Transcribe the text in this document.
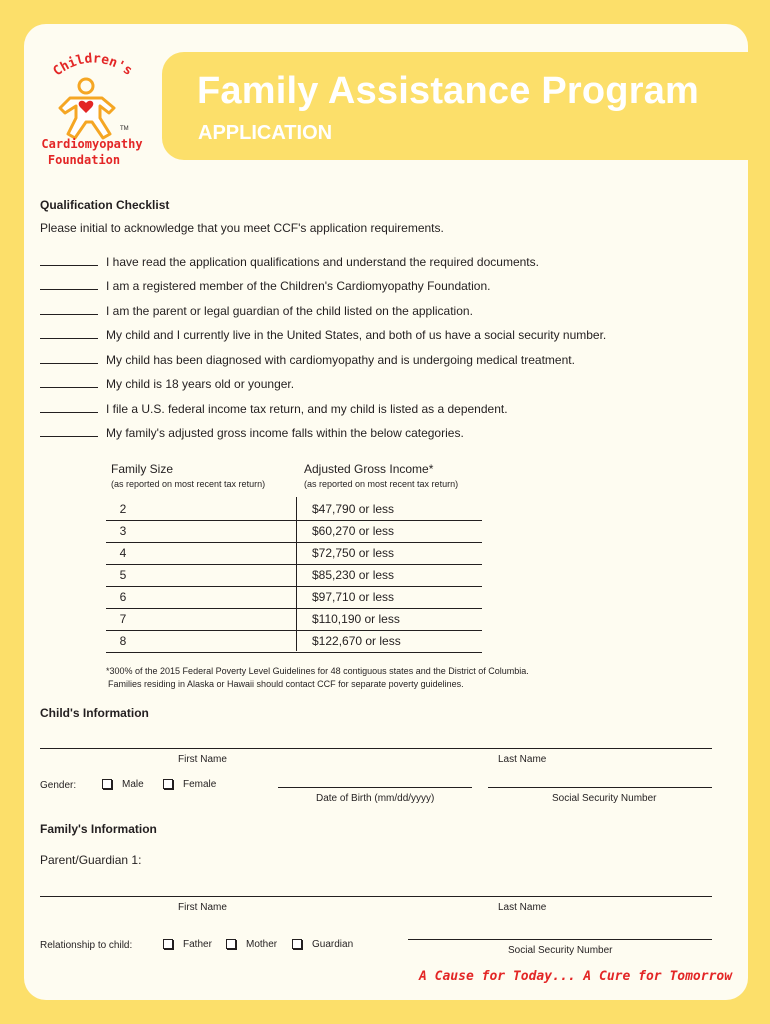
Children's
TM
Cardiomyopathy
Foundation
Family Assistance Program
APPLICATION
Qualification Checklist
Please initial to acknowledge that you meet CCF's application requirements.
I have read the application qualifications and understand the required documents.
I am a registered member of the Children's Cardiomyopathy Foundation.
I am the parent or legal guardian of the child listed on the application.
My child and I currently live in the United States, and both of us have a social security number.
My child has been diagnosed with cardiomyopathy and is undergoing medical treatment.
My child is 18 years old or younger.
I file a U.S. federal income tax return, and my child is listed as a dependent.
My family's adjusted gross income falls within the below categories.
Family Size
(as reported on most recent tax return)
Adjusted Gross Income*
(as reported on most recent tax return)
2	$47,790 or less
3	$60,270 or less
4	$72,750 or less
5	$85,230 or less
6	$97,710 or less
7	$110,190 or less
8	$122,670 or less
*300% of the 2015 Federal Poverty Level Guidelines for 48 contiguous states and the District of Columbia.
Families residing in Alaska or Hawaii should contact CCF for separate poverty guidelines.
Child's Information
First Name	Last Name
Gender:	Male	Female
Date of Birth (mm/dd/yyyy)	Social Security Number
Family's Information
Parent/Guardian 1:
First Name	Last Name
Relationship to child:	Father	Mother	Guardian
Social Security Number
A Cause for Today... A Cure for Tomorrow
